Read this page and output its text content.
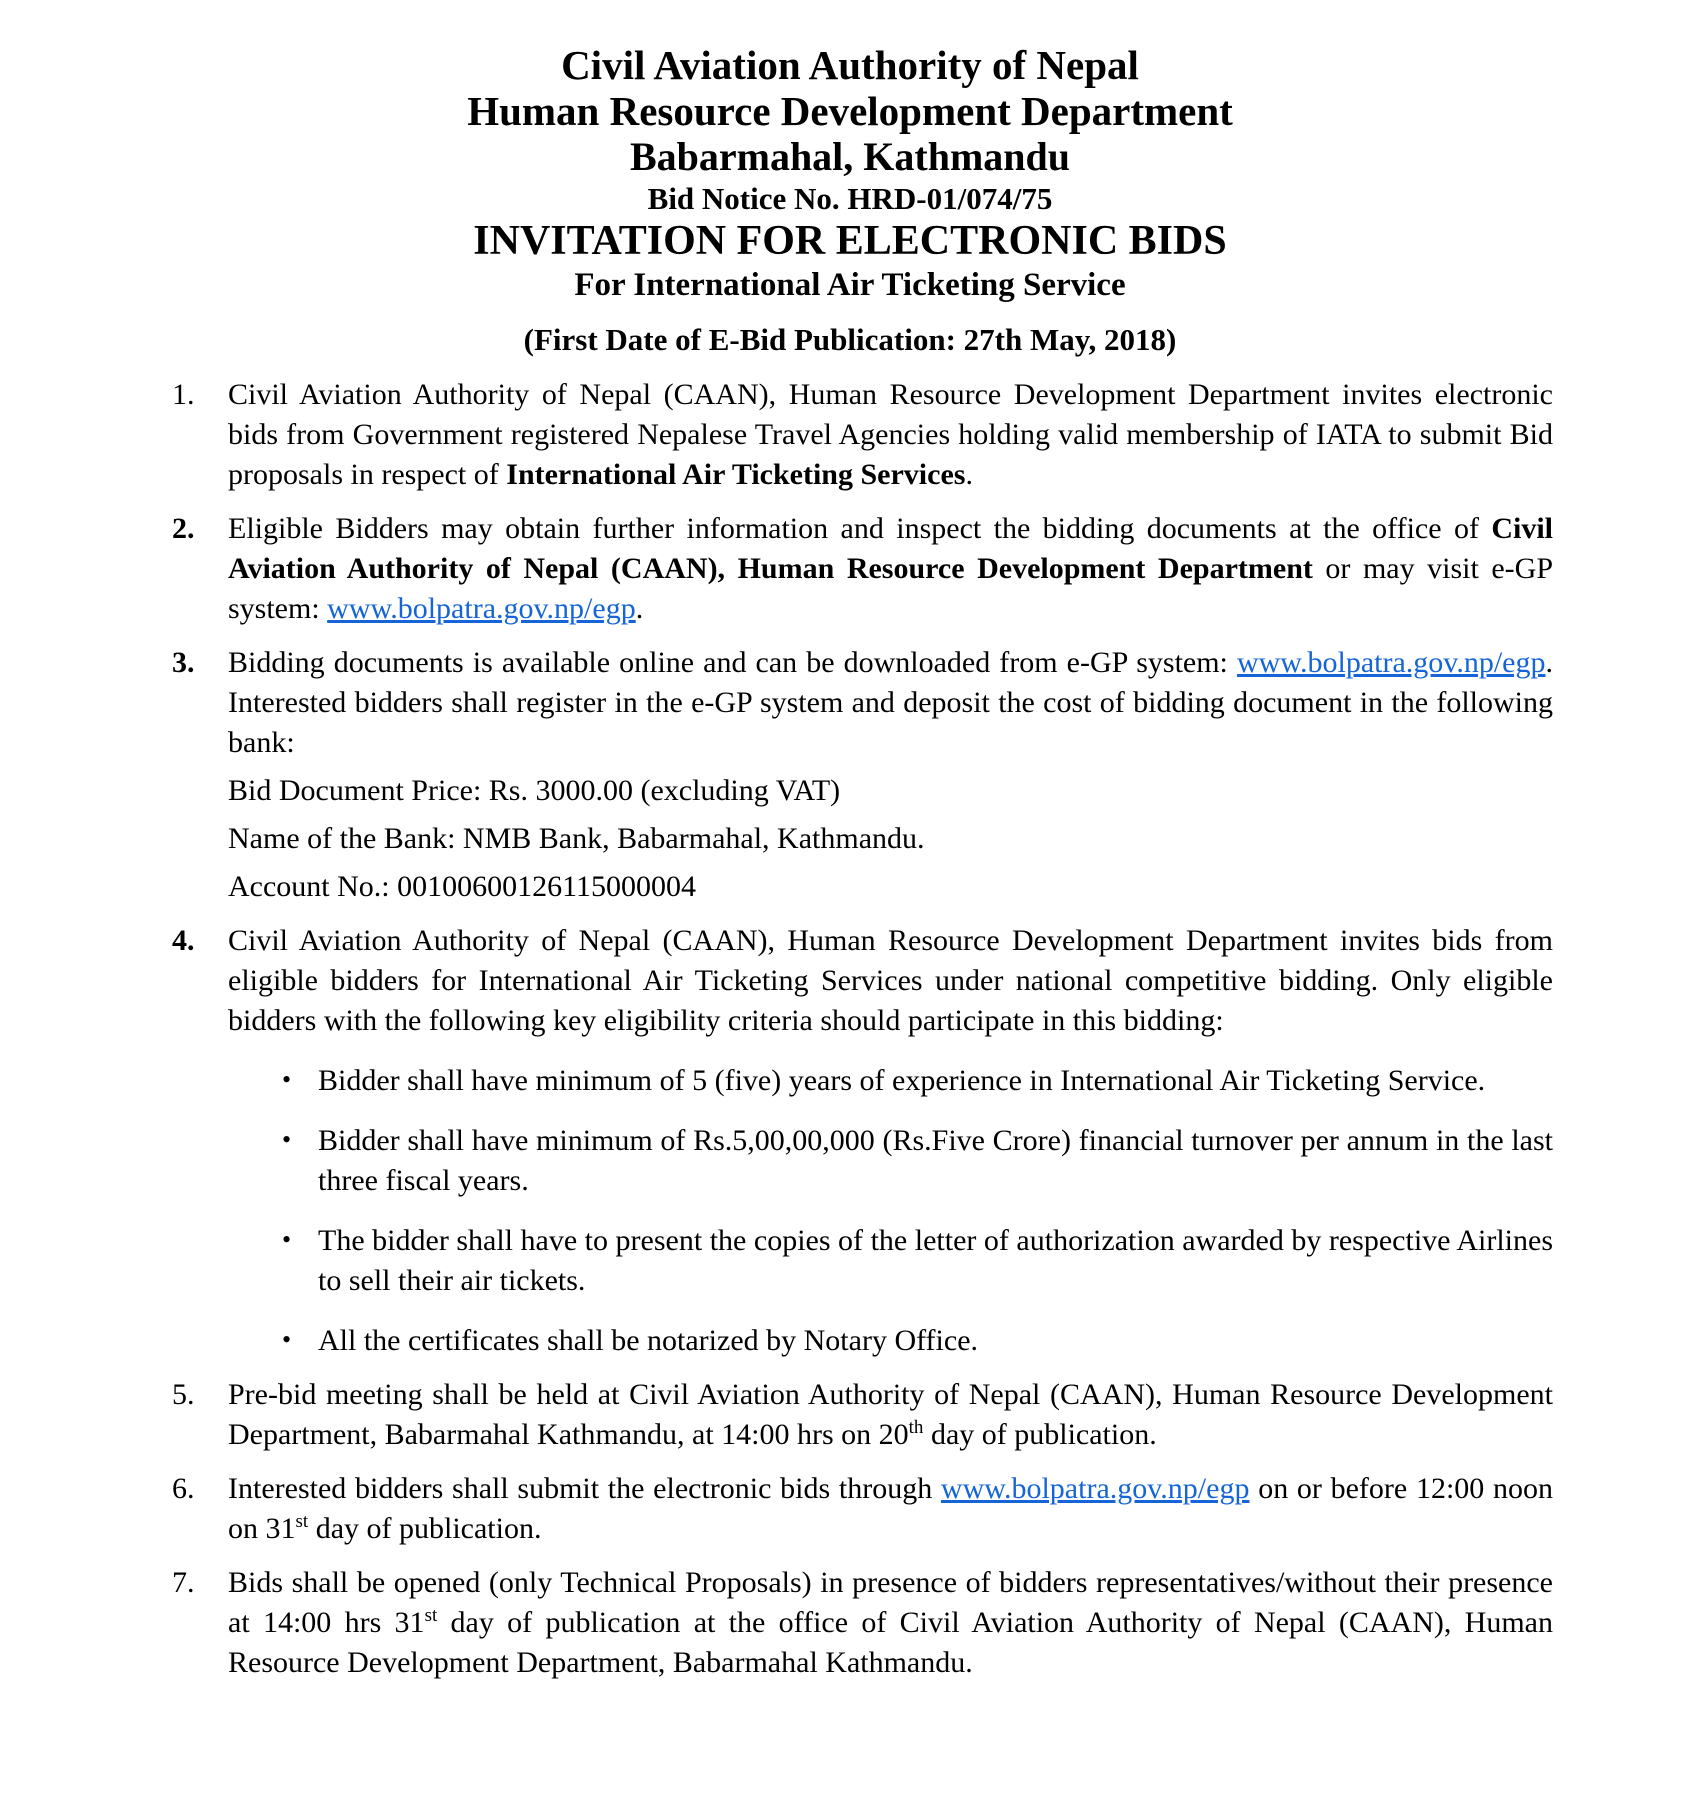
Civil Aviation Authority of Nepal
Human Resource Development Department
Babarmahal, Kathmandu
Bid Notice No. HRD-01/074/75
INVITATION FOR ELECTRONIC BIDS
For International Air Ticketing Service
(First Date of E-Bid Publication: 27th May, 2018)
1. Civil Aviation Authority of Nepal (CAAN), Human Resource Development Department invites electronic bids from Government registered Nepalese Travel Agencies holding valid membership of IATA to submit Bid proposals in respect of International Air Ticketing Services.
2. Eligible Bidders may obtain further information and inspect the bidding documents at the office of Civil Aviation Authority of Nepal (CAAN), Human Resource Development Department or may visit e-GP system: www.bolpatra.gov.np/egp.
3. Bidding documents is available online and can be downloaded from e-GP system: www.bolpatra.gov.np/egp. Interested bidders shall register in the e-GP system and deposit the cost of bidding document in the following bank:
Bid Document Price: Rs. 3000.00 (excluding VAT)
Name of the Bank: NMB Bank, Babarmahal, Kathmandu.
Account No.: 00100600126115000004
4. Civil Aviation Authority of Nepal (CAAN), Human Resource Development Department invites bids from eligible bidders for International Air Ticketing Services under national competitive bidding. Only eligible bidders with the following key eligibility criteria should participate in this bidding:
• Bidder shall have minimum of 5 (five) years of experience in International Air Ticketing Service.
• Bidder shall have minimum of Rs.5,00,00,000 (Rs.Five Crore) financial turnover per annum in the last three fiscal years.
• The bidder shall have to present the copies of the letter of authorization awarded by respective Airlines to sell their air tickets.
• All the certificates shall be notarized by Notary Office.
5. Pre-bid meeting shall be held at Civil Aviation Authority of Nepal (CAAN), Human Resource Development Department, Babarmahal Kathmandu, at 14:00 hrs on 20th day of publication.
6. Interested bidders shall submit the electronic bids through www.bolpatra.gov.np/egp on or before 12:00 noon on 31st day of publication.
7. Bids shall be opened (only Technical Proposals) in presence of bidders representatives/without their presence at 14:00 hrs 31st day of publication at the office of Civil Aviation Authority of Nepal (CAAN), Human Resource Development Department, Babarmahal Kathmandu.
